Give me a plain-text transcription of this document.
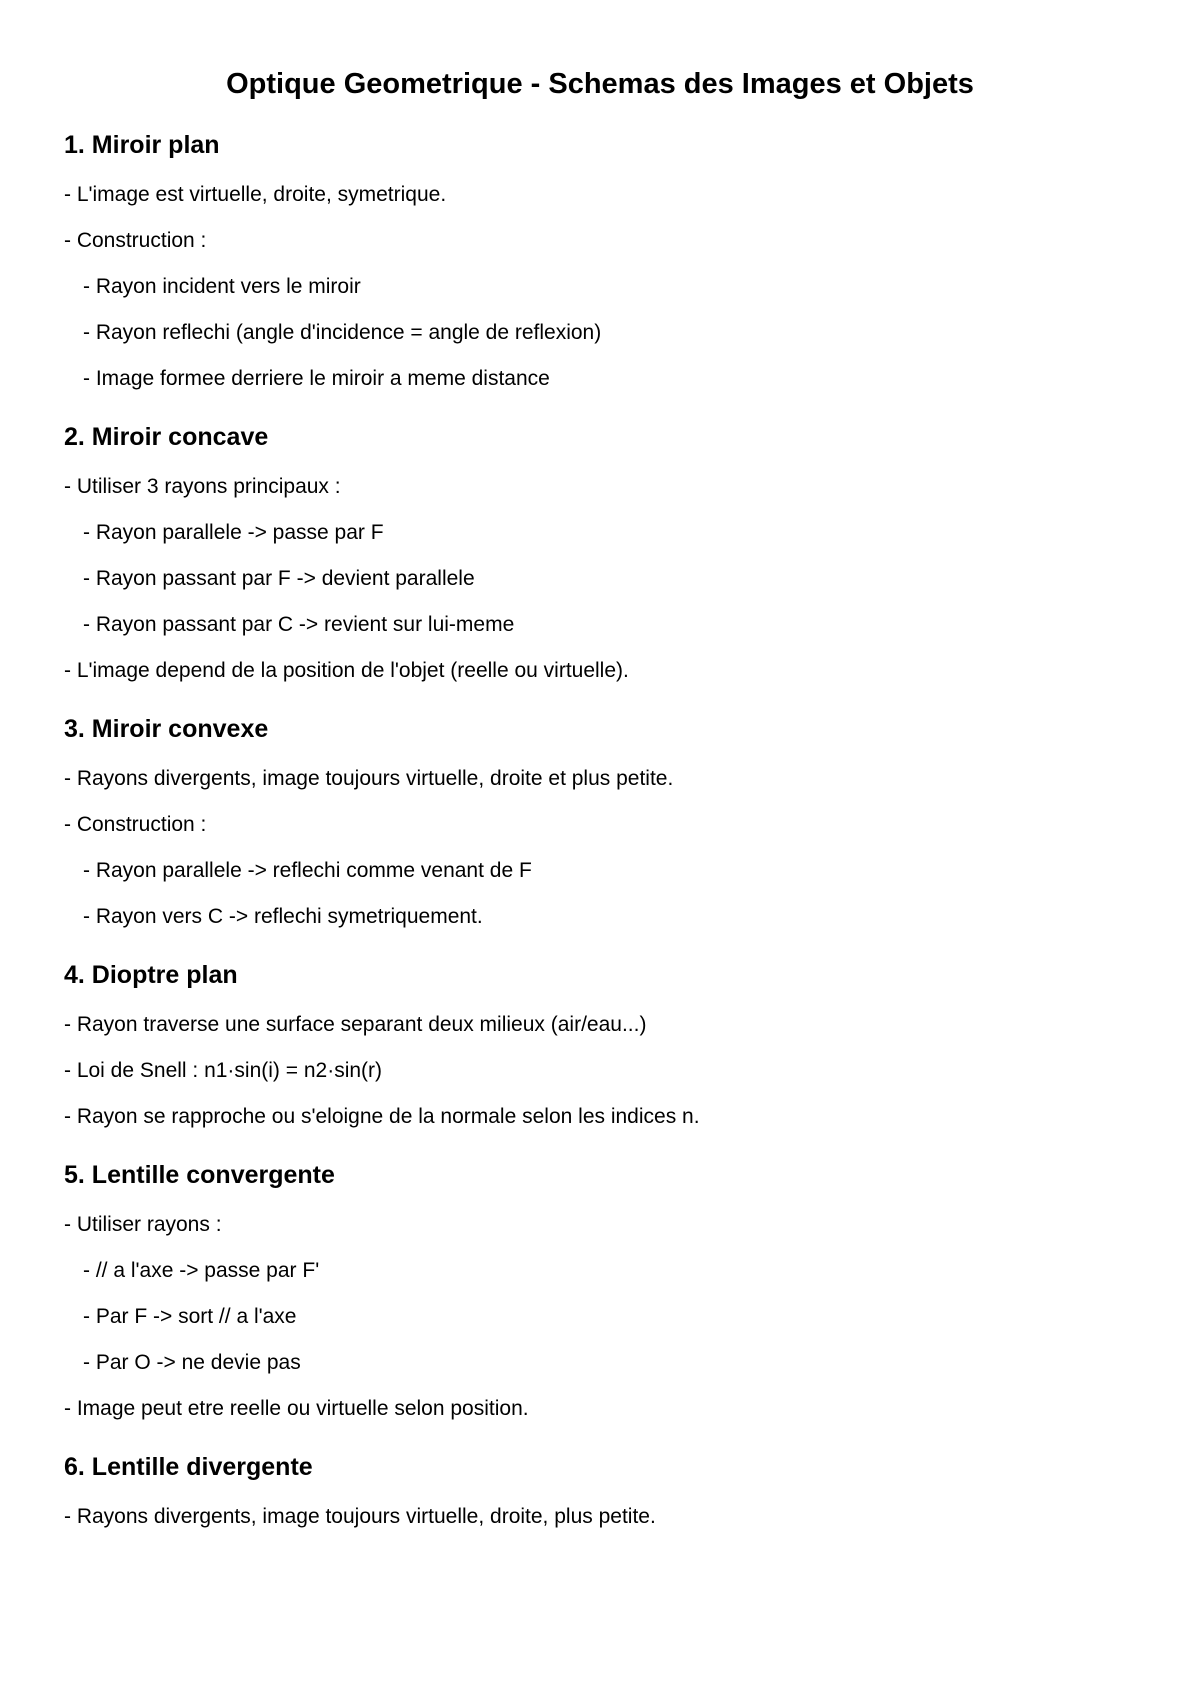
Optique Geometrique - Schemas des Images et Objets
1. Miroir plan
- L'image est virtuelle, droite, symetrique.
- Construction :
- Rayon incident vers le miroir
- Rayon reflechi (angle d'incidence = angle de reflexion)
- Image formee derriere le miroir a meme distance
2. Miroir concave
- Utiliser 3 rayons principaux :
- Rayon parallele -> passe par F
- Rayon passant par F -> devient parallele
- Rayon passant par C -> revient sur lui-meme
- L'image depend de la position de l'objet (reelle ou virtuelle).
3. Miroir convexe
- Rayons divergents, image toujours virtuelle, droite et plus petite.
- Construction :
- Rayon parallele -> reflechi comme venant de F
- Rayon vers C -> reflechi symetriquement.
4. Dioptre plan
- Rayon traverse une surface separant deux milieux (air/eau...)
- Loi de Snell : n1·sin(i) = n2·sin(r)
- Rayon se rapproche ou s'eloigne de la normale selon les indices n.
5. Lentille convergente
- Utiliser rayons :
- // a l'axe -> passe par F'
- Par F -> sort // a l'axe
- Par O -> ne devie pas
- Image peut etre reelle ou virtuelle selon position.
6. Lentille divergente
- Rayons divergents, image toujours virtuelle, droite, plus petite.
